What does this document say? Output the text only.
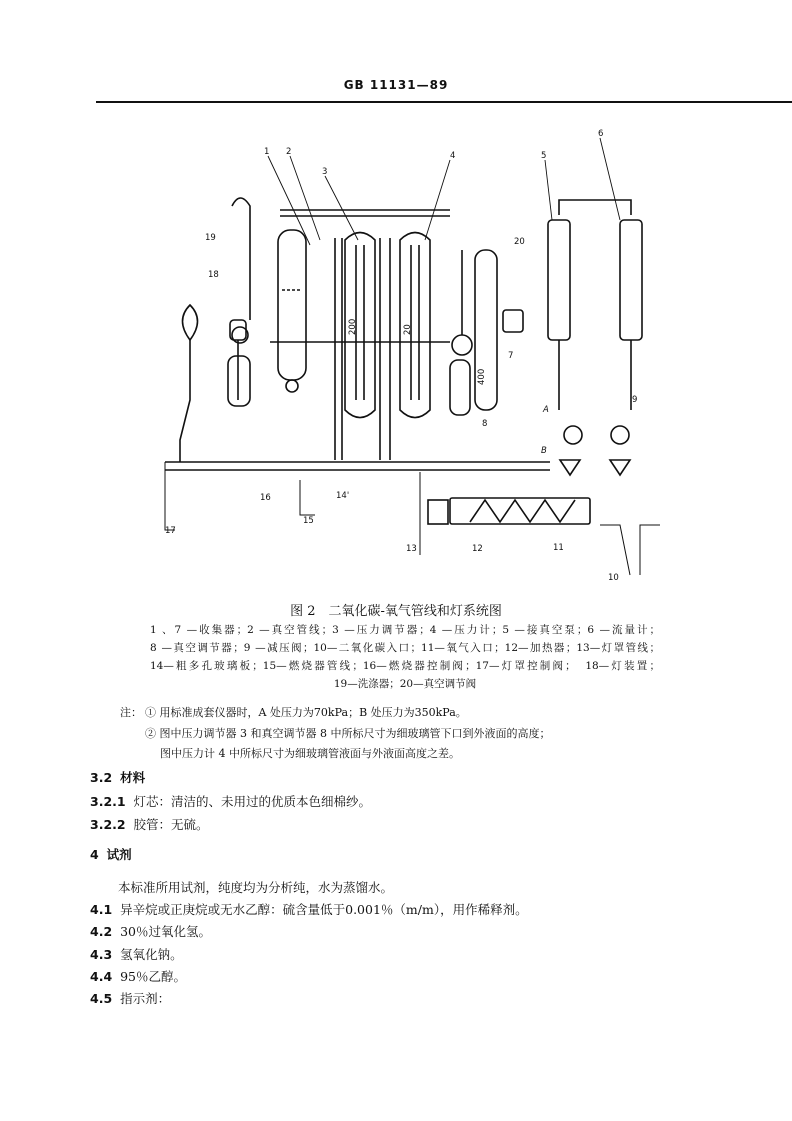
GB 11131—89
1 2
3
4	5
6
7
8
9
10
11
12
13
14'
15
16
17
18
19	20
A
B
200	20
400
图 2　二氧化碳-氧气管线和灯系统图
1 、7 —收集器；2 —真空管线；3 —压力调节器；4 —压力计；5 —接真空泵；6 —流量计；
8 —真空调节器；9 —减压阀；10—二氧化碳入口；11—氧气入口；12—加热器；13—灯罩管线；
14—粗多孔玻璃板；15—燃烧器管线；16—燃烧器控制阀；17—灯罩控制阀；　18—灯装置；
19—洗涤器；20—真空调节阀
注： ① 用标准成套仪器时，A 处压力为70kPa；B 处压力为350kPa。
② 图中压力调节器 3 和真空调节器 8 中所标尺寸为细玻璃管下口到外液面的高度；
图中压力计 4 中所标尺寸为细玻璃管液面与外液面高度之差。
3.2 材料
3.2.1 灯芯：清洁的、未用过的优质本色细棉纱。
3.2.2 胶管：无硫。
4 试剂
本标准所用试剂，纯度均为分析纯，水为蒸馏水。
4.1 异辛烷或正庚烷或无水乙醇：硫含量低于0.001％（m/m），用作稀释剂。
4.2 30％过氧化氢。
4.3 氢氧化钠。
4.4 95％乙醇。
4.5 指示剂：
